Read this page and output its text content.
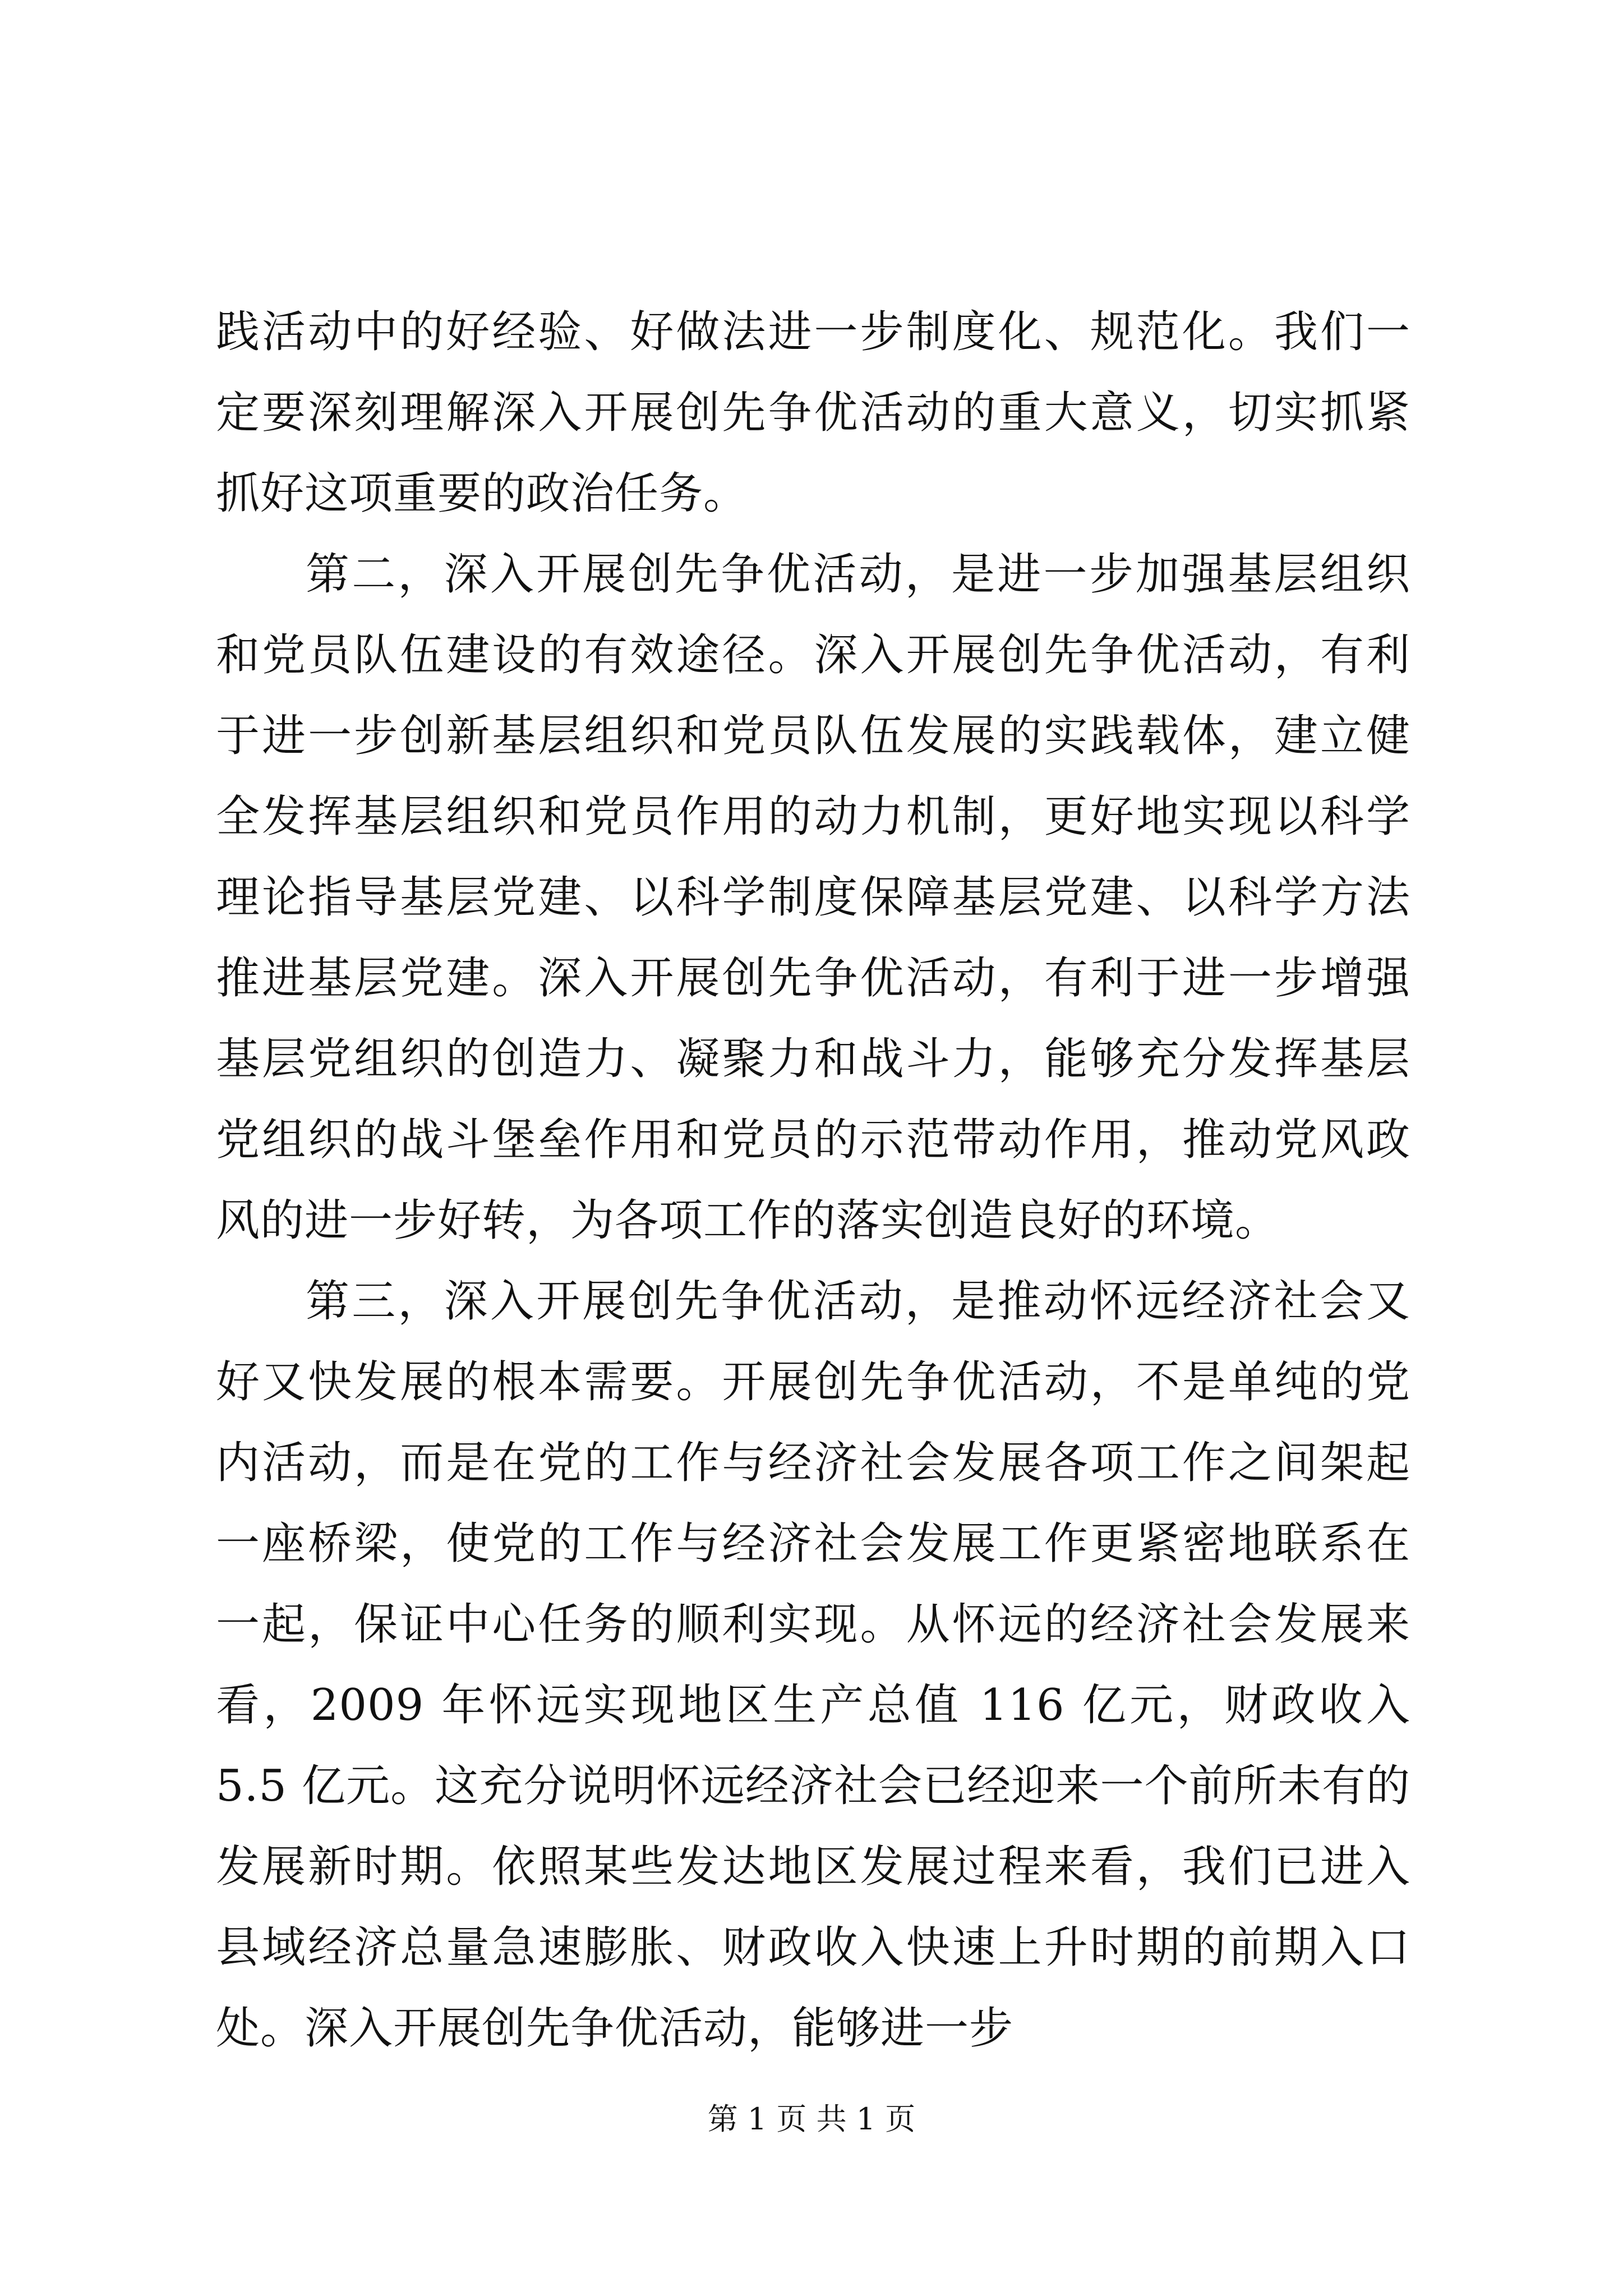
践活动中的好经验、好做法进一步制度化、规范化。我们一定要深刻理解深入开展创先争优活动的重大意义，切实抓紧抓好这项重要的政治任务。

第二，深入开展创先争优活动，是进一步加强基层组织和党员队伍建设的有效途径。深入开展创先争优活动，有利于进一步创新基层组织和党员队伍发展的实践载体，建立健全发挥基层组织和党员作用的动力机制，更好地实现以科学理论指导基层党建、以科学制度保障基层党建、以科学方法推进基层党建。深入开展创先争优活动，有利于进一步增强基层党组织的创造力、凝聚力和战斗力，能够充分发挥基层党组织的战斗堡垒作用和党员的示范带动作用，推动党风政风的进一步好转，为各项工作的落实创造良好的环境。

第三，深入开展创先争优活动，是推动怀远经济社会又好又快发展的根本需要。开展创先争优活动，不是单纯的党内活动，而是在党的工作与经济社会发展各项工作之间架起一座桥梁，使党的工作与经济社会发展工作更紧密地联系在一起，保证中心任务的顺利实现。从怀远的经济社会发展来看，2009 年怀远实现地区生产总值 116 亿元，财政收入 5.5 亿元。这充分说明怀远经济社会已经迎来一个前所未有的发展新时期。依照某些发达地区发展过程来看，我们已进入县域经济总量急速膨胀、财政收入快速上升时期的前期入口处。深入开展创先争优活动，能够进一步

第 1 页 共 1 页
